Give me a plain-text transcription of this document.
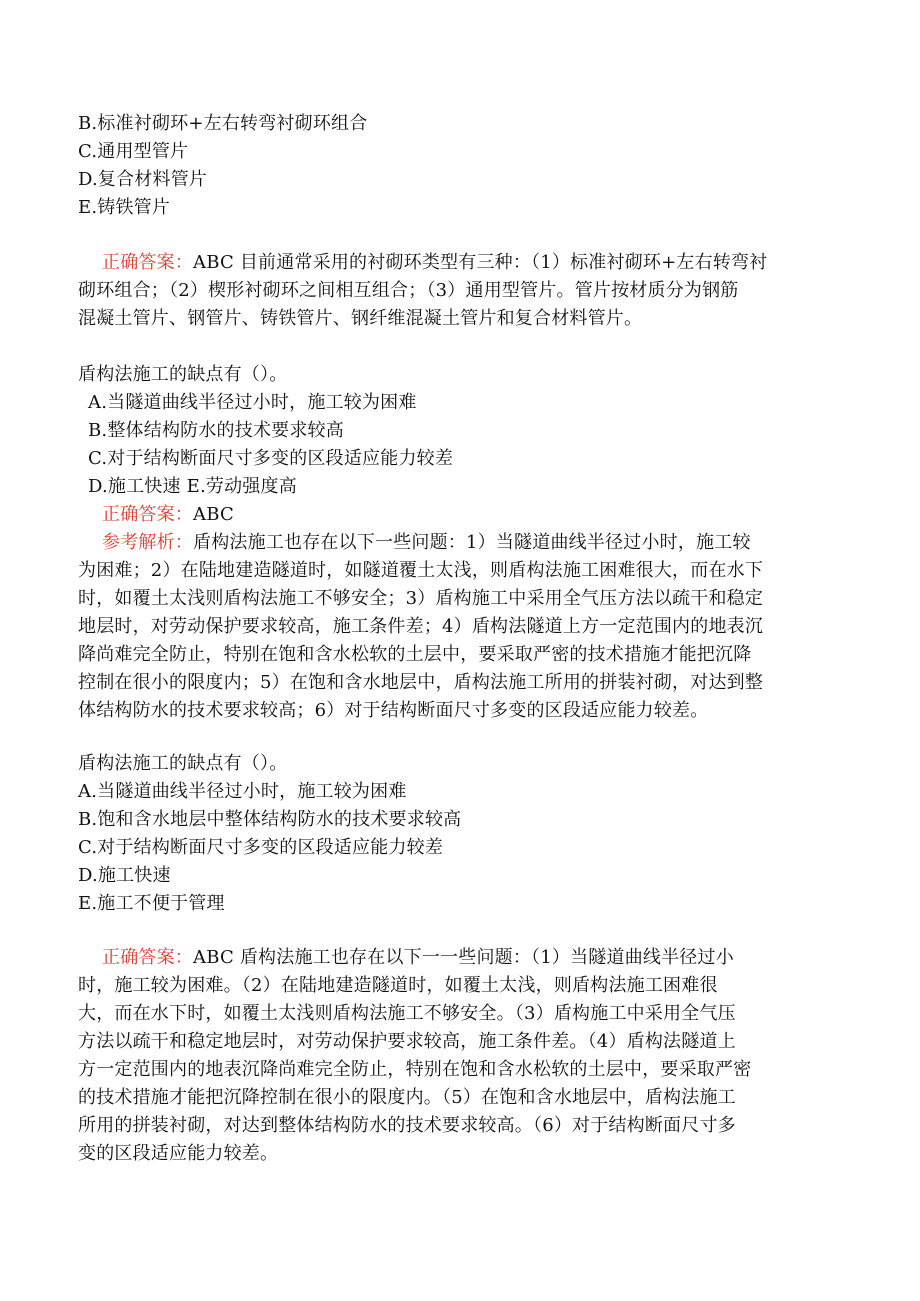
B.标准衬砌环+左右转弯衬砌环组合
C.通用型管片
D.复合材料管片
E.铸铁管片
正确答案：ABC 目前通常采用的衬砌环类型有三种：（1）标准衬砌环+左右转弯衬
砌环组合；（2）楔形衬砌环之间相互组合；（3）通用型管片。管片按材质分为钢筋
混凝土管片、钢管片、铸铁管片、钢纤维混凝土管片和复合材料管片。
盾构法施工的缺点有（）。
A.当隧道曲线半径过小时，施工较为困难
B.整体结构防水的技术要求较高
C.对于结构断面尺寸多变的区段适应能力较差
D.施工快速 E.劳动强度高
正确答案：ABC
参考解析：盾构法施工也存在以下一些问题：1）当隧道曲线半径过小时，施工较
为困难；2）在陆地建造隧道时，如隧道覆土太浅，则盾构法施工困难很大，而在水下
时，如覆土太浅则盾构法施工不够安全；3）盾构施工中采用全气压方法以疏干和稳定
地层时，对劳动保护要求较高，施工条件差；4）盾构法隧道上方一定范围内的地表沉
降尚难完全防止，特别在饱和含水松软的土层中，要采取严密的技术措施才能把沉降
控制在很小的限度内；5）在饱和含水地层中，盾构法施工所用的拼装衬砌，对达到整
体结构防水的技术要求较高；6）对于结构断面尺寸多变的区段适应能力较差。
盾构法施工的缺点有（）。
A.当隧道曲线半径过小时，施工较为困难
B.饱和含水地层中整体结构防水的技术要求较高
C.对于结构断面尺寸多变的区段适应能力较差
D.施工快速
E.施工不便于管理
正确答案：ABC 盾构法施工也存在以下一一些问题：（1）当隧道曲线半径过小
时，施工较为困难。（2）在陆地建造隧道时，如覆土太浅，则盾构法施工困难很
大，而在水下时，如覆土太浅则盾构法施工不够安全。（3）盾构施工中采用全气压
方法以疏干和稳定地层时，对劳动保护要求较高，施工条件差。（4）盾构法隧道上
方一定范围内的地表沉降尚难完全防止，特别在饱和含水松软的土层中，要采取严密
的技术措施才能把沉降控制在很小的限度内。（5）在饱和含水地层中，盾构法施工
所用的拼装衬砌，对达到整体结构防水的技术要求较高。（6）对于结构断面尺寸多
变的区段适应能力较差。
